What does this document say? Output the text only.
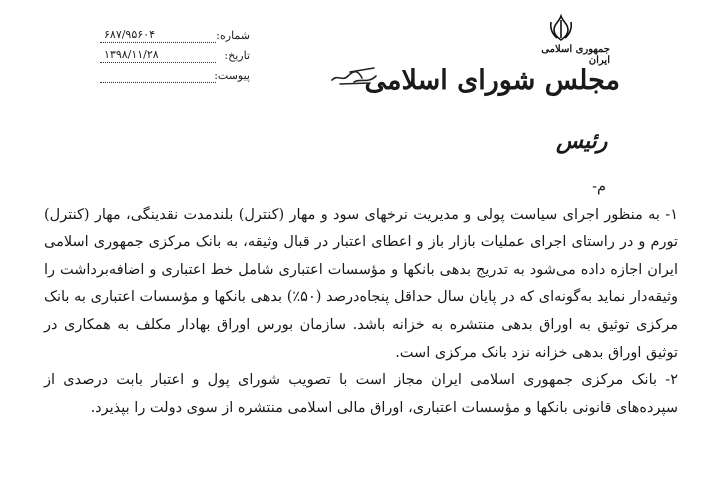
شماره:
۶۸۷/۹۵۶۰۴
تاریخ:
۱۳۹۸/۱۱/۲۸
پیوست:
جمهوری اسلامی ایران
مجلس شورای اسلامی
رئیس

م-

۱- به منظور اجرای سیاست پولی و مدیریت نرخهای سود و مهار (کنترل) بلندمدت نقدینگی، مهار (کنترل) تورم و در راستای اجرای عملیات بازار باز و اعطای اعتبار در قبال وثیقه، به بانک مرکزی جمهوری اسلامی ایران اجازه داده می‌شود به تدریج بدهی بانکها و مؤسسات اعتباری شامل خط اعتباری و اضافه‌برداشت را وثیقه‌دار نماید به‌گونه‌ای که در پایان سال حداقل پنجاه‌درصد (۵۰٪) بدهی بانکها و مؤسسات اعتباری به بانک مرکزی توثیق به اوراق بدهی منتشره به خزانه باشد. سازمان بورس اوراق بهادار مکلف به همکاری در توثیق اوراق بدهی خزانه نزد بانک مرکزی است.

۲- بانک مرکزی جمهوری اسلامی ایران مجاز است با تصویب شورای پول و اعتبار بابت درصدی از سپرده‌های قانونی بانکها و مؤسسات اعتباری، اوراق مالی اسلامی منتشره از سوی دولت را بپذیرد.
